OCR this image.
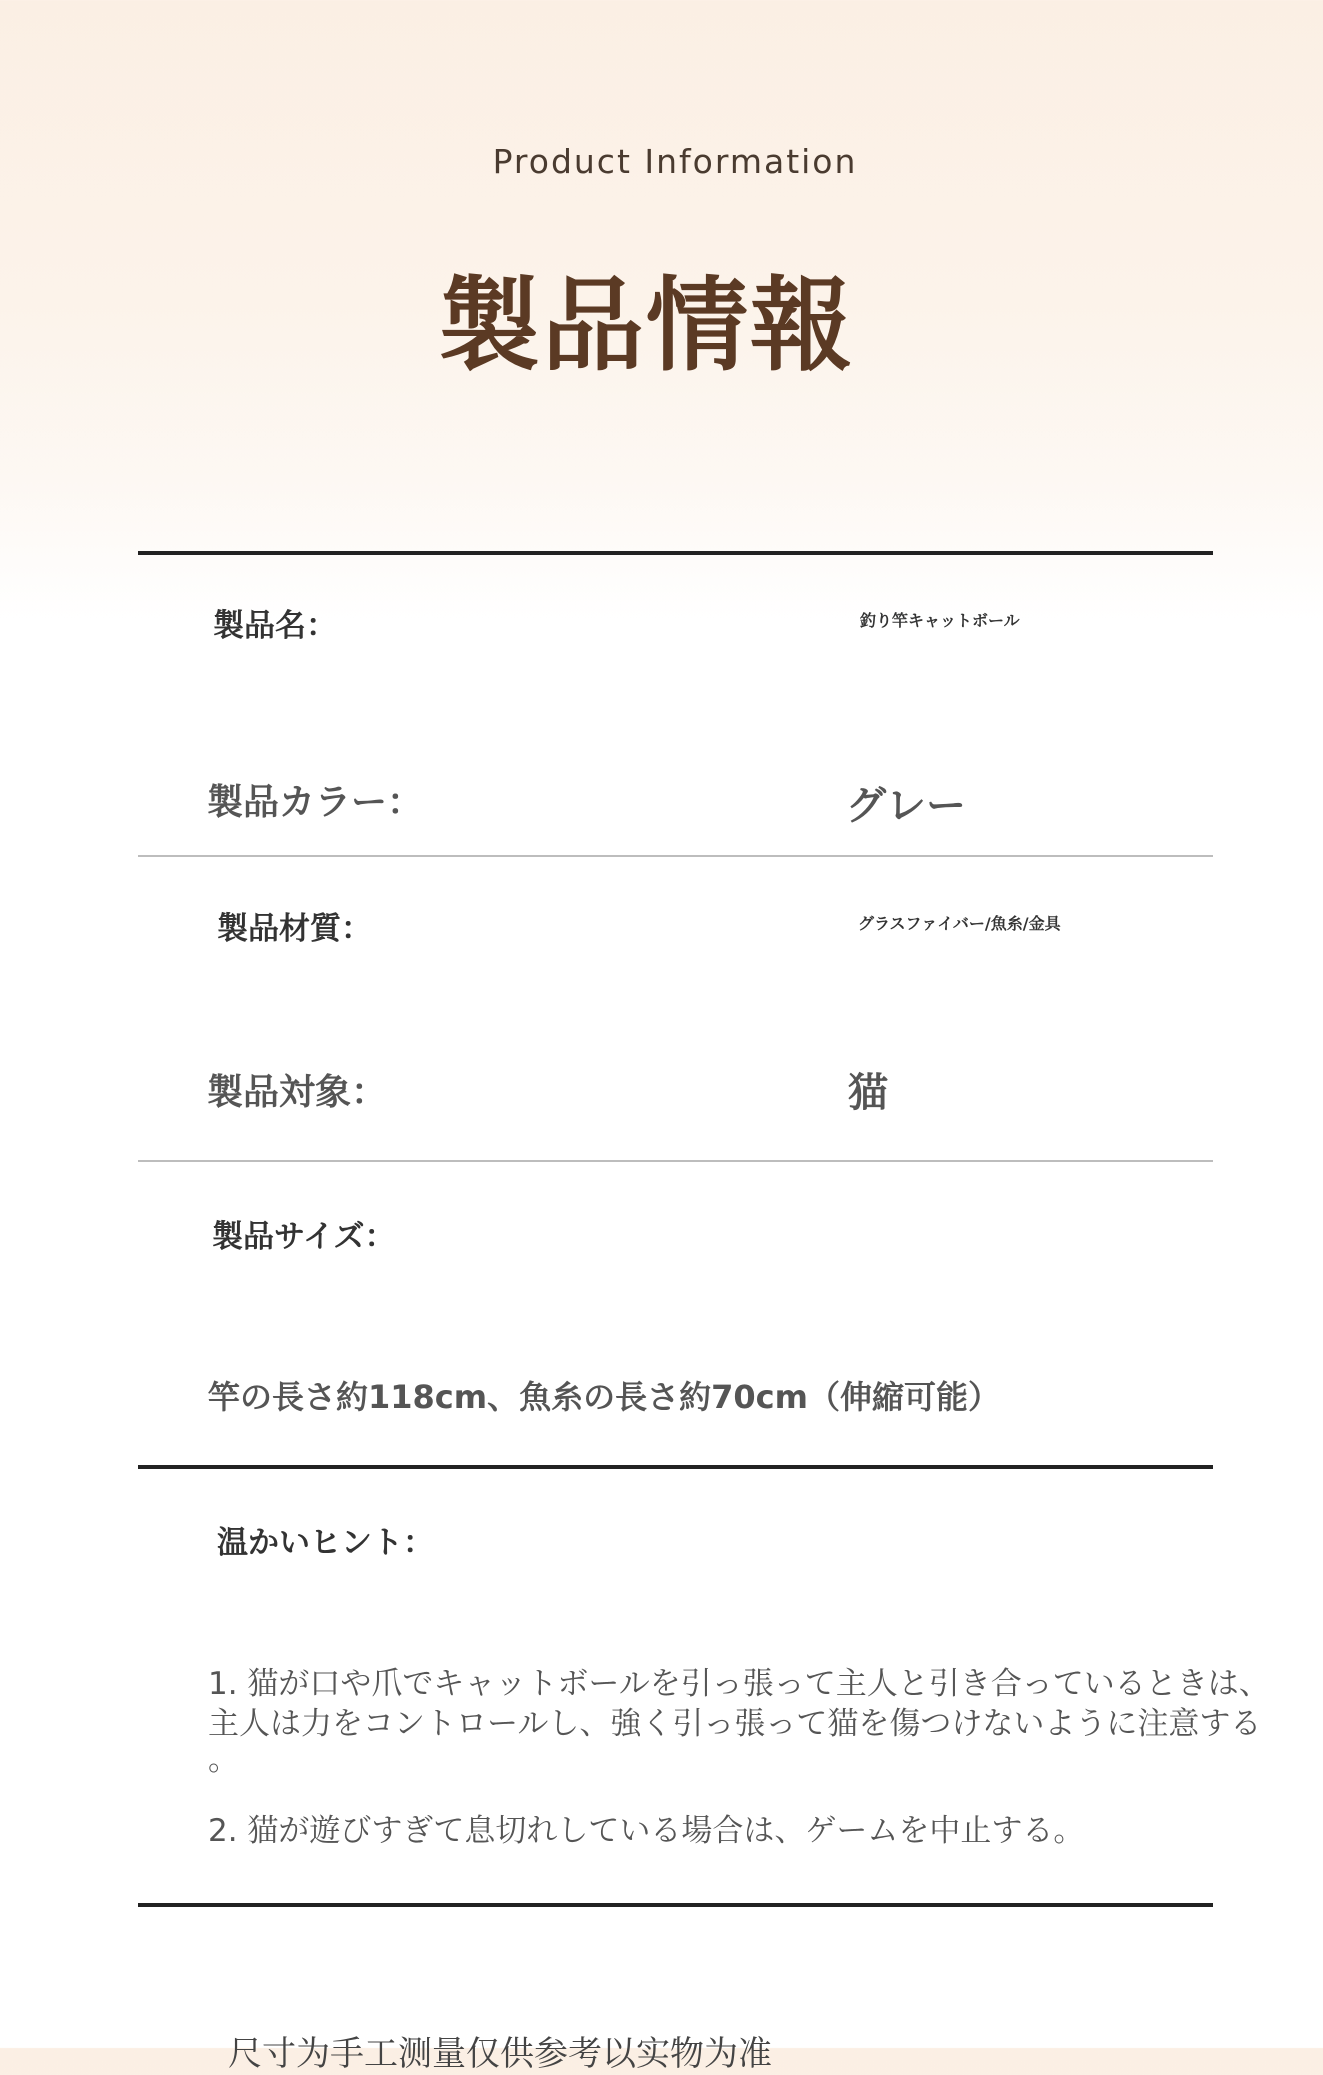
Product Information
製品情報
製品名：	釣り竿キャットボール
製品カラー：	グレー
製品材質：	グラスファイバー/魚糸/金具
製品対象：	猫
製品サイズ：
竿の長さ約118cm、魚糸の長さ約70cm（伸縮可能）
温かいヒント：
1. 猫が口や爪でキャットボールを引っ張って主人と引き合っているときは、
主人は力をコントロールし、強く引っ張って猫を傷つけないように注意する
。
2. 猫が遊びすぎて息切れしている場合は、ゲームを中止する。
尺寸为手工测量仅供参考以实物为准
